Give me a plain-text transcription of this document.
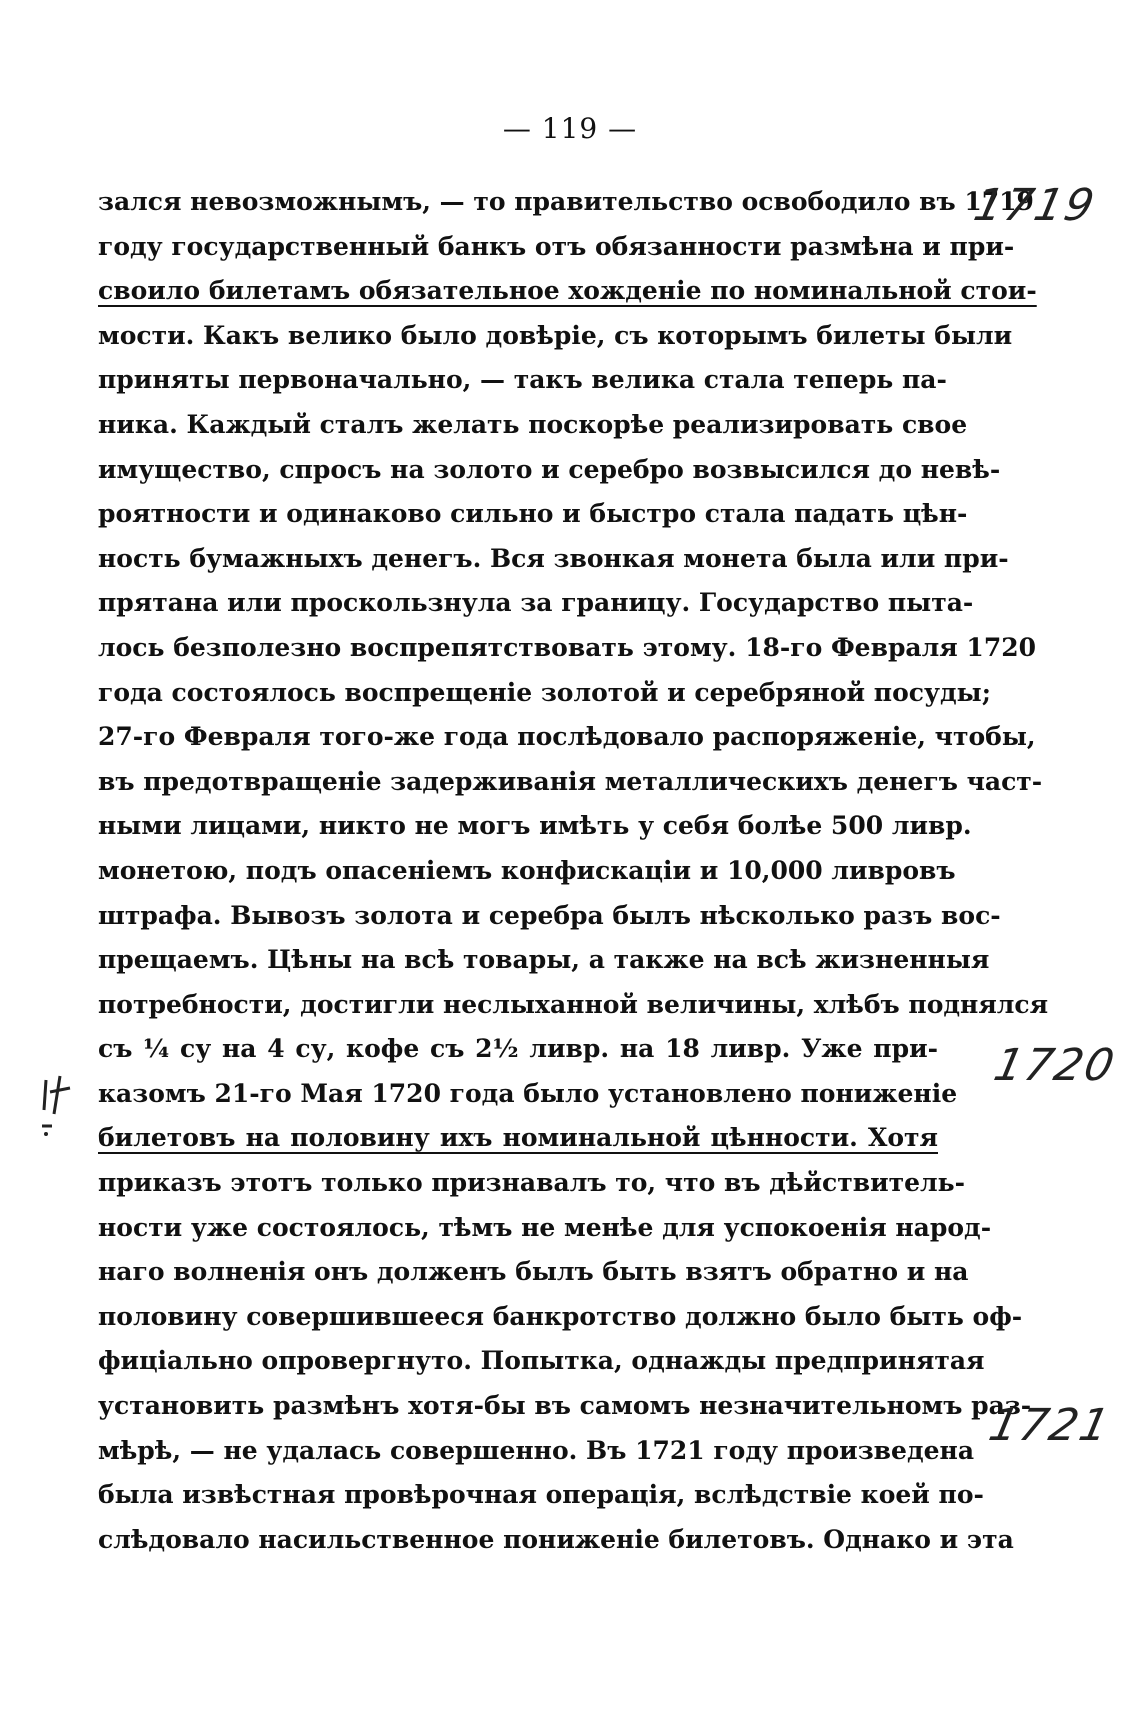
— 119 —
зался невозможнымъ, — то правительство освободило въ 1719
году государственный банкъ отъ обязанности размѣна и при-
своило билетамъ обязательное хожденіе по номинальной стои-
мости. Какъ велико было довѣріе, съ которымъ билеты были
приняты первоначально, — такъ велика стала теперь па-
ника. Каждый сталъ желать поскорѣе реализировать свое
имущество, спросъ на золото и серебро возвысился до невѣ-
роятности и одинаково сильно и быстро стала падать цѣн-
ность бумажныхъ денегъ. Вся звонкая монета была или при-
прятана или проскользнула за границу. Государство пыта-
лось безполезно воспрепятствовать этому. 18-го Февраля 1720
года состоялось воспрещеніе золотой и серебряной посуды;
27-го Февраля того-же года послѣдовало распоряженіе, чтобы,
въ предотвращеніе задерживанія металлическихъ денегъ част-
ными лицами, никто не могъ имѣть у себя болѣе 500 ливр.
монетою, подъ опасеніемъ конфискаціи и 10,000 ливровъ
штрафа. Вывозъ золота и серебра былъ нѣсколько разъ вос-
прещаемъ. Цѣны на всѣ товары, а также на всѣ жизненныя
потребности, достигли неслыханной величины, хлѣбъ поднялся
съ ¼ су на 4 су, кофе съ 2½ ливр. на 18 ливр. Уже при-
казомъ 21-го Мая 1720 года было установлено пониженіе
билетовъ на половину ихъ номинальной цѣнности. Хотя
приказъ этотъ только признавалъ то, что въ дѣйствитель-
ности уже состоялось, тѣмъ не менѣе для успокоенія народ-
наго волненія онъ долженъ былъ быть взятъ обратно и на
половину совершившееся банкротство должно было быть оф-
фиціально опровергнуто. Попытка, однажды предпринятая
установить размѣнъ хотя-бы въ самомъ незначительномъ раз-
мѣрѣ, — не удалась совершенно. Въ 1721 году произведена
была извѣстная провѣрочная операція, вслѣдствіе коей по-
слѣдовало насильственное пониженіе билетовъ. Однако и эта
1719
1720
1721
